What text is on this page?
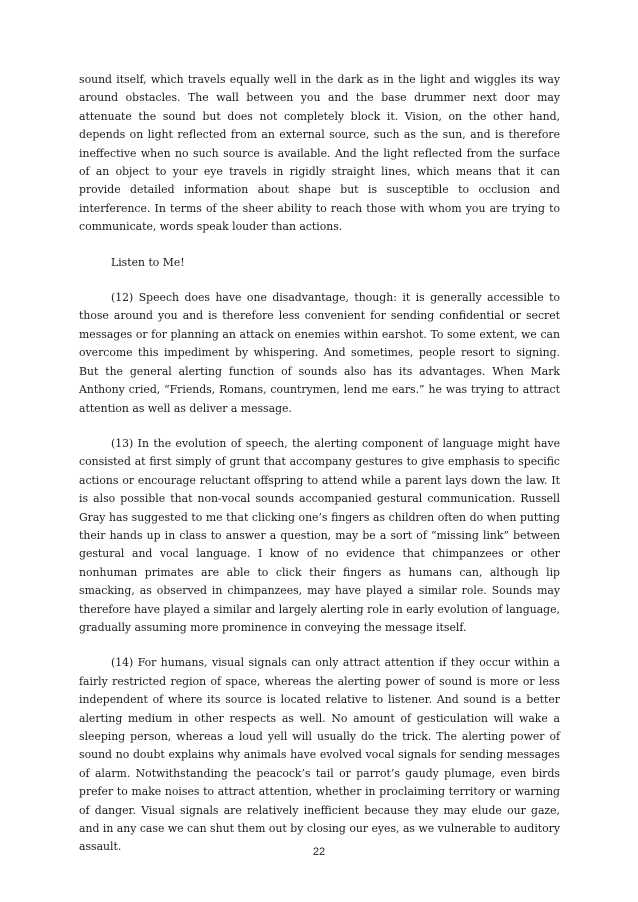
sound itself, which travels equally well in the dark as in the light and wiggles its way around obstacles. The wall between you and the base drummer next door may attenuate the sound but does not completely block it. Vision, on the other hand, depends on light reflected from an external source, such as the sun, and is therefore ineffective when no such source is available. And the light reflected from the surface of an object to your eye travels in rigidly straight lines, which means that it can provide detailed information about shape but is susceptible to occlusion and interference. In terms of the sheer ability to reach those with whom you are trying to communicate, words speak louder than actions.

Listen to Me!

(12) Speech does have one disadvantage, though: it is generally accessible to those around you and is therefore less convenient for sending confidential or secret messages or for planning an attack on enemies within earshot. To some extent, we can overcome this impediment by whispering. And sometimes, people resort to signing. But the general alerting function of sounds also has its advantages. When Mark Anthony cried, “Friends, Romans, countrymen, lend me ears.” he was trying to attract attention as well as deliver a message.

(13) In the evolution of speech, the alerting component of language might have consisted at first simply of grunt that accompany gestures to give emphasis to specific actions or encourage reluctant offspring to attend while a parent lays down the law. It is also possible that non-vocal sounds accompanied gestural communication. Russell Gray has suggested to me that clicking one’s fingers as children often do when putting their hands up in class to answer a question, may be a sort of “missing link” between gestural and vocal language. I know of no evidence that chimpanzees or other nonhuman primates are able to click their fingers as humans can, although lip smacking, as observed in chimpanzees, may have played a similar role. Sounds may therefore have played a similar and largely alerting role in early evolution of language, gradually assuming more prominence in conveying the message itself.

(14) For humans, visual signals can only attract attention if they occur within a fairly restricted region of space, whereas the alerting power of sound is more or less independent of where its source is located relative to listener. And sound is a better alerting medium in other respects as well. No amount of gesticulation will wake a sleeping person, whereas a loud yell will usually do the trick. The alerting power of sound no doubt explains why animals have evolved vocal signals for sending messages of alarm. Notwithstanding the peacock’s tail or parrot’s gaudy plumage, even birds prefer to make noises to attract attention, whether in proclaiming territory or warning of danger. Visual signals are relatively inefficient because they may elude our gaze, and in any case we can shut them out by closing our eyes, as we vulnerable to auditory assault.	22
